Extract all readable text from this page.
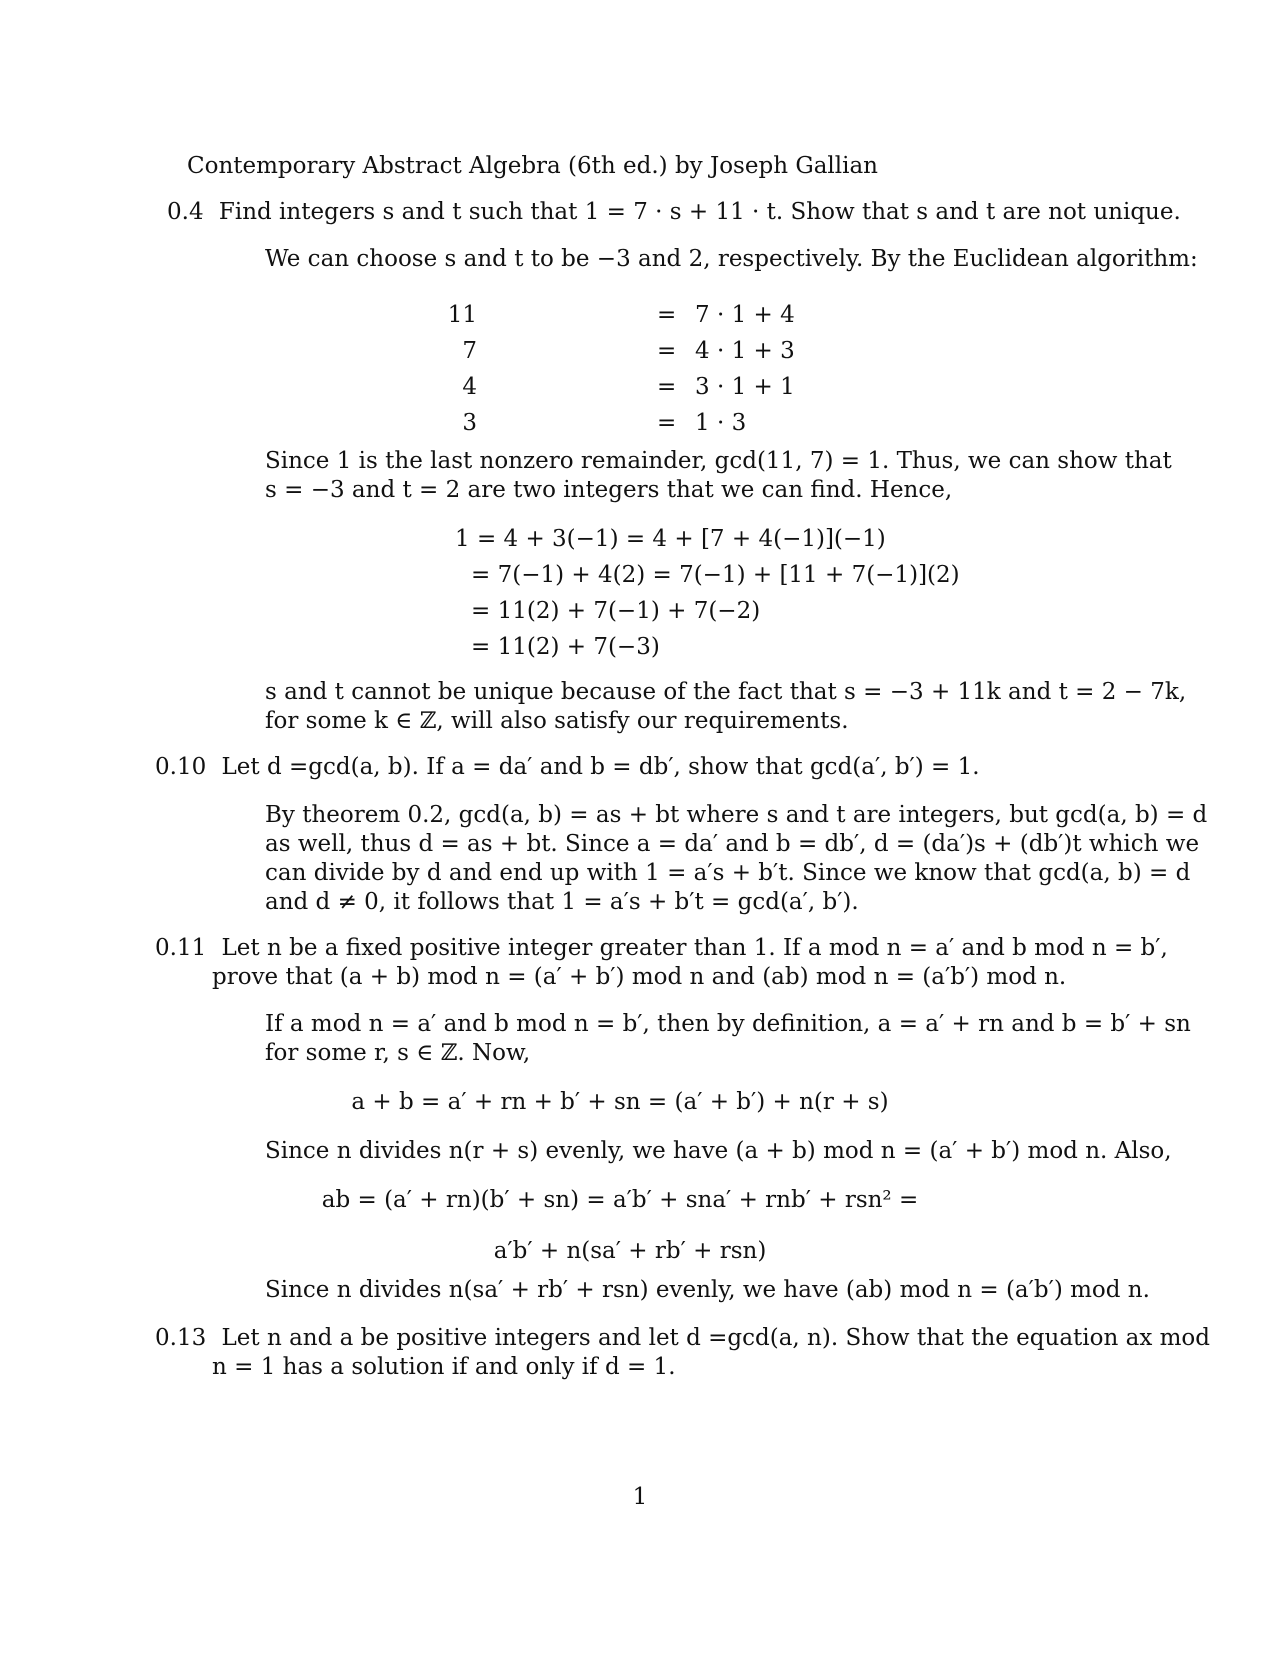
Contemporary Abstract Algebra (6th ed.) by Joseph Gallian
0.4 Find integers s and t such that 1 = 7 · s + 11 · t. Show that s and t are not unique.
We can choose s and t to be −3 and 2, respectively. By the Euclidean algorithm:
11	= 7 · 1 + 4
7	= 4 · 1 + 3
4	= 3 · 1 + 1
3	= 1 · 3
Since 1 is the last nonzero remainder, gcd(11, 7) = 1. Thus, we can show that
s = −3 and t = 2 are two integers that we can find. Hence,
1 = 4 + 3(−1) = 4 + [7 + 4(−1)](−1)
= 7(−1) + 4(2) = 7(−1) + [11 + 7(−1)](2)
= 11(2) + 7(−1) + 7(−2)
= 11(2) + 7(−3)
s and t cannot be unique because of the fact that s = −3 + 11k and t = 2 − 7k,
for some k ∈ ℤ, will also satisfy our requirements.
0.10 Let d =gcd(a, b). If a = da′ and b = db′, show that gcd(a′, b′) = 1.
By theorem 0.2, gcd(a, b) = as + bt where s and t are integers, but gcd(a, b) = d
as well, thus d = as + bt. Since a = da′ and b = db′, d = (da′)s + (db′)t which we
can divide by d and end up with 1 = a′s + b′t. Since we know that gcd(a, b) = d
and d ≠ 0, it follows that 1 = a′s + b′t = gcd(a′, b′).
0.11 Let n be a fixed positive integer greater than 1. If a mod n = a′ and b mod n = b′,
prove that (a + b) mod n = (a′ + b′) mod n and (ab) mod n = (a′b′) mod n.
If a mod n = a′ and b mod n = b′, then by definition, a = a′ + rn and b = b′ + sn
for some r, s ∈ ℤ. Now,
a + b = a′ + rn + b′ + sn = (a′ + b′) + n(r + s)
Since n divides n(r + s) evenly, we have (a + b) mod n = (a′ + b′) mod n. Also,
ab = (a′ + rn)(b′ + sn) = a′b′ + sna′ + rnb′ + rsn² =
a′b′ + n(sa′ + rb′ + rsn)
Since n divides n(sa′ + rb′ + rsn) evenly, we have (ab) mod n = (a′b′) mod n.
0.13 Let n and a be positive integers and let d =gcd(a, n). Show that the equation ax mod
n = 1 has a solution if and only if d = 1.
1
